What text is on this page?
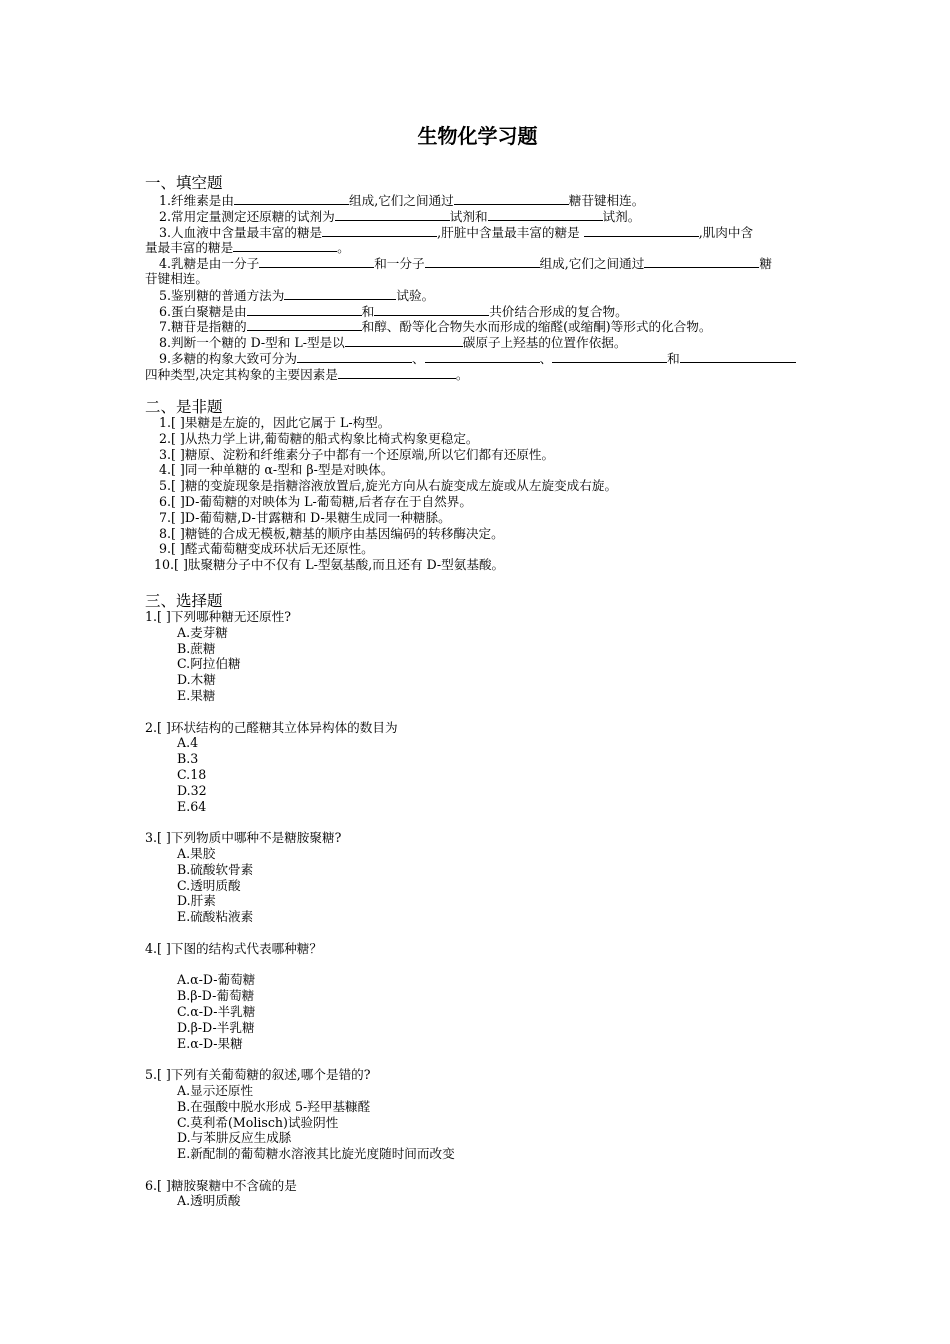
生物化学习题
一、填空题
1.纤维素是由	组成,它们之间通过	糖苷键相连。
2.常用定量测定还原糖的试剂为	试剂和	试剂。
3.人血液中含量最丰富的糖是	,肝脏中含量最丰富的糖是	,肌肉中含
量最丰富的糖是	。
4.乳糖是由一分子	和一分子	组成,它们之间通过	糖
苷键相连。
5.鉴别糖的普通方法为	试验。
6.蛋白聚糖是由	和	共价结合形成的复合物。
7.糖苷是指糖的	和醇、酚等化合物失水而形成的缩醛(或缩酮)等形式的化合物。
8.判断一个糖的 D-型和 L-型是以	碳原子上羟基的位置作依据。
9.多糖的构象大致可分为	、	、	和
四种类型,决定其构象的主要因素是	。
二、是非题
1.[ ]果糖是左旋的，因此它属于 L-构型。
2.[ ]从热力学上讲,葡萄糖的船式构象比椅式构象更稳定。
3.[ ]糖原、淀粉和纤维素分子中都有一个还原端,所以它们都有还原性。
4.[ ]同一种单糖的 α-型和 β-型是对映体。
5.[ ]糖的变旋现象是指糖溶液放置后,旋光方向从右旋变成左旋或从左旋变成右旋。
6.[ ]D-葡萄糖的对映体为 L-葡萄糖,后者存在于自然界。
7.[ ]D-葡萄糖,D-甘露糖和 D-果糖生成同一种糖脎。
8.[ ]糖链的合成无模板,糖基的顺序由基因编码的转移酶决定。
9.[ ]醛式葡萄糖变成环状后无还原性。
10.[ ]肽聚糖分子中不仅有 L-型氨基酸,而且还有 D-型氨基酸。
三、选择题
1.[ ]下列哪种糖无还原性?
A.麦芽糖
B.蔗糖
C.阿拉伯糖
D.木糖
E.果糖
2.[ ]环状结构的己醛糖其立体异构体的数目为
A.4
B.3
C.18
D.32
E.64
3.[ ]下列物质中哪种不是糖胺聚糖?
A.果胶
B.硫酸软骨素
C.透明质酸
D.肝素
E.硫酸粘液素
4.[ ]下图的结构式代表哪种糖？
A.α-D-葡萄糖
B.β-D-葡萄糖
C.α-D-半乳糖
D.β-D-半乳糖
E.α-D-果糖
5.[ ]下列有关葡萄糖的叙述,哪个是错的?
A.显示还原性
B.在强酸中脱水形成 5-羟甲基糠醛
C.莫利希(Molisch)试验阴性
D.与苯肼反应生成脎
E.新配制的葡萄糖水溶液其比旋光度随时间而改变
6.[ ]糖胺聚糖中不含硫的是
A.透明质酸
